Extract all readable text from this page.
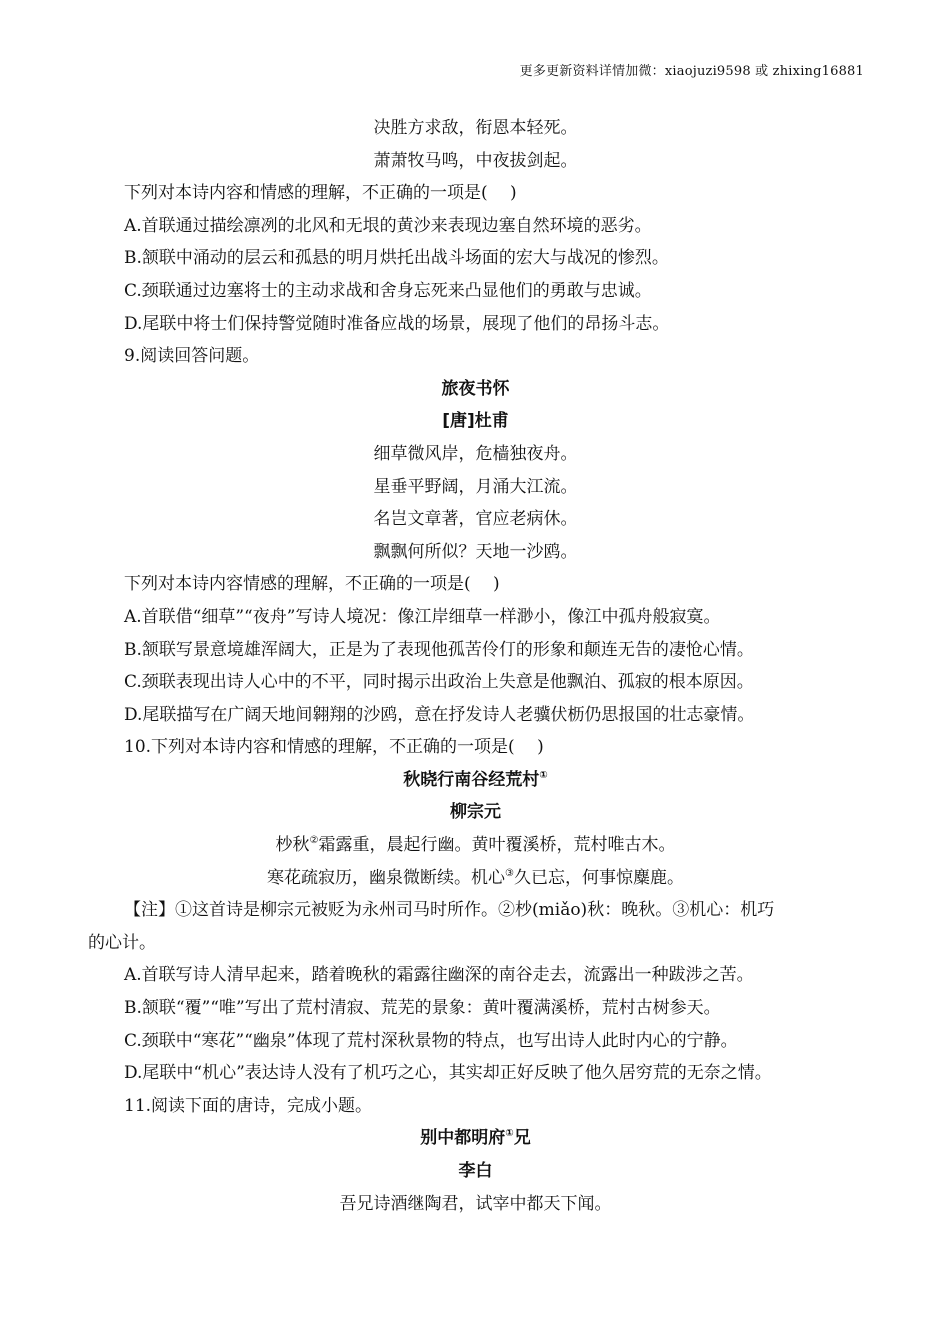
更多更新资料详情加微：xiaojuzi9598 或 zhixing16881
决胜方求敌，衔恩本轻死。
萧萧牧马鸣，中夜拔剑起。
下列对本诗内容和情感的理解，不正确的一项是(　 )
A.首联通过描绘凛冽的北风和无垠的黄沙来表现边塞自然环境的恶劣。
B.颔联中涌动的层云和孤悬的明月烘托出战斗场面的宏大与战况的惨烈。
C.颈联通过边塞将士的主动求战和舍身忘死来凸显他们的勇敢与忠诚。
D.尾联中将士们保持警觉随时准备应战的场景，展现了他们的昂扬斗志。
9.阅读回答问题。
旅夜书怀
[唐]杜甫
细草微风岸，危樯独夜舟。
星垂平野阔，月涌大江流。
名岂文章著，官应老病休。
飘飘何所似？天地一沙鸥。
下列对本诗内容情感的理解，不正确的一项是(　 )
A.首联借“细草”“夜舟”写诗人境况：像江岸细草一样渺小，像江中孤舟般寂寞。
B.颔联写景意境雄浑阔大，正是为了表现他孤苦伶仃的形象和颠连无告的凄怆心情。
C.颈联表现出诗人心中的不平，同时揭示出政治上失意是他飘泊、孤寂的根本原因。
D.尾联描写在广阔天地间翱翔的沙鸥，意在抒发诗人老骥伏枥仍思报国的壮志豪情。
10.下列对本诗内容和情感的理解，不正确的一项是(　 )
秋晓行南谷经荒村①
柳宗元
杪秋②霜露重，晨起行幽。黄叶覆溪桥，荒村唯古木。
寒花疏寂历，幽泉微断续。机心③久已忘，何事惊麋鹿。
【注】①这首诗是柳宗元被贬为永州司马时所作。②杪(miǎo)秋：晚秋。③机心：机巧
的心计。
A.首联写诗人清早起来，踏着晚秋的霜露往幽深的南谷走去，流露出一种跋涉之苦。
B.颔联“覆”“唯”写出了荒村清寂、荒芜的景象：黄叶覆满溪桥，荒村古树参天。
C.颈联中“寒花”“幽泉”体现了荒村深秋景物的特点，也写出诗人此时内心的宁静。
D.尾联中“机心”表达诗人没有了机巧之心，其实却正好反映了他久居穷荒的无奈之情。
11.阅读下面的唐诗，完成小题。
别中都明府①兄
李白
吾兄诗酒继陶君，试宰中都天下闻。
